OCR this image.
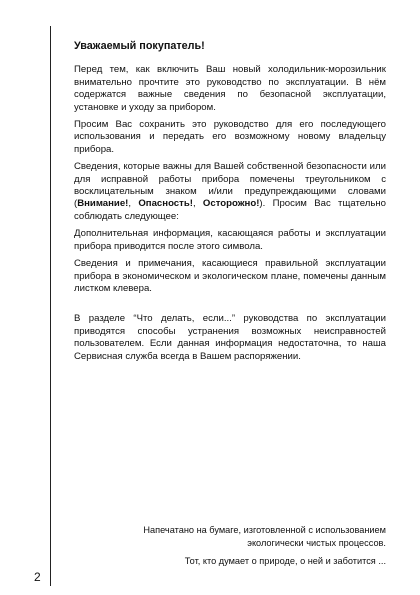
Уважаемый покупатель!

Перед тем, как включить Ваш новый холодильник-морозильник внимательно прочтите это руководство по эксплуатации. В нём содержатся важные сведения по безопасной эксплуатации, установке и уходу за прибором.

Просим Вас сохранить это руководство для его последующего использования и передать его возможному новому владельцу прибора.

Сведения, которые важны для Вашей собственной безопасности или для исправной работы прибора помечены треугольником с восклицательным знаком и/или предупреждающими словами (Внимание!, Опасность!, Осторожно!). Просим Вас тщательно соблюдать следующее:

Дополнительная информация, касающаяся работы и эксплуатации прибора приводится после этого символа.

Сведения и примечания, касающиеся правильной эксплуатации прибора в экономическом и экологическом плане, помечены данным листком клевера.

В разделе “Что делать, если...” руководства по эксплуатации приводятся способы устранения возможных неисправностей пользователем. Если данная информация недостаточна, то наша Сервисная служба всегда в Вашем распоряжении.

Напечатано на бумаге, изготовленной с использованием экологически чистых процессов.

Тот, кто думает о природе, о ней и заботится ...

2
